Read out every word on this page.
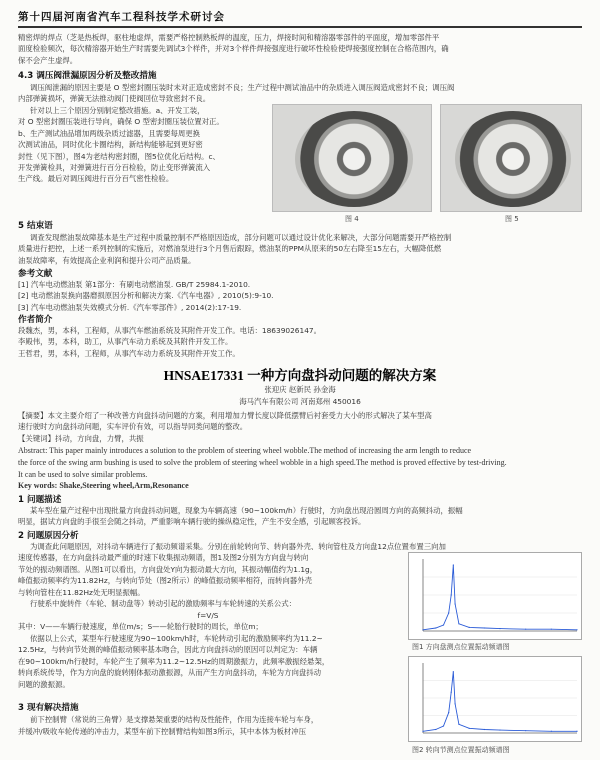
第十四届河南省汽车工程科技学术研讨会
精密焊的焊点（芝是热板焊，驱柱地虚焊，需要严格控制熟板焊的温度，压力，焊接时间和精溶器零部件的平面度，增加零部件平
面度检验频次，每次精溶器开始生产时需要先调试3个样件，并对3个样件焊接强度进行破坏性检验使焊接强度控制在合格范围内，确
保不会产生虚焊。
4.3 调压阀泄漏原因分析及整改措施
调压阀泄漏的原因主要是 O 型密封圈压装时未对正造成密封不良；生产过程中测试油品中的杂质进入调压阀造成密封不良；调压阀
内部弹簧损坏，弹簧无法推动阀门使阀回位导致密封不良。
针对以上三个原因分别制定整改措施。a、开发工装，
对 O 型密封圈压装进行导向，确保 O 型密封圈压装位置对正。
b、生产测试油品增加两级杂质过滤器，且需要每周更换
次测试油品，同时优化卡圈结构，新结构能够起到更好密
封性（见下图），图4为老结构密封圈，图5位优化后结构。c、
开发弹簧检具，对弹簧进行百分百检验，防止变形弹簧流入
生产线。最后对调压阀进行百分百气密性检验。
图 4	图 5
5 结束语
调查发现燃油泵故障基本是生产过程中质量控制不严格原因造成，部分问题可以通过设计优化来解决，大部分问题需要开严格控制
质量进行把控，上述一系列控制的实施后，对燃油泵进行3个月售后跟踪，燃油泵的PPM从原来的50左右降至15左右，大幅降低燃
油泵故障率，有效提高企业利润和提升公司产品质量。
参考文献
[1] 汽车电动燃油泵 第1部分：有刷电动燃油泵. GB/T 25984.1-2010.
[2] 电动燃油泵换向器磨损原因分析和解决方案.《汽车电器》, 2010(5):9-10.
[3] 汽车电动燃油泵失效模式分析.《汽车零部件》, 2014(2):17-19.
作者简介
段魏杰，男，本科，工程师，从事汽车燃油系统及其附件开发工作。电话：18639026147。
李殿伟，男，本科，助工，从事汽车动力系统及其附件开发工作。
王哲君，男，本科，工程师，从事汽车动力系统及其附件开发工作。
HNSAE17331 一种方向盘抖动问题的解决方案
张迎庆 赵新民 孙金海
海马汽车有限公司 河南郑州 450016
【摘要】本文主要介绍了一种改善方向盘抖动问题的方案，利用增加力臂长度以降低摆臂后衬套受力大小的形式解决了某车型高
速行驶时方向盘抖动问题，实车评价有效，可以指导同类问题的整改。
【关键词】抖动，方向盘，力臂，共振
Abstract: This paper mainly introduces a solution to the problem of steering wheel wobble.The method of increasing the arm length to reduce
the force of the swing arm bushing is used to solve the problem of steering wheel wobble in a high speed.The method is proved effective by test-driving.
It can be used to solve similar problems.
Key words: Shake,Steering wheel,Arm,Resonance
1 问题描述
某车型在量产过程中出现批量方向盘抖动问题，现象为车辆高速（90~100km/h）行驶时，方向盘出现沿圆周方向的高频抖动，振幅
明显，据试方向盘的手很至会随之抖动，严重影响车辆行驶的操纵稳定性，产生不安全感，引起顾客投诉。
2 问题原因分析
为调查此问题原因，对抖动车辆进行了振动频谱采集。分别在前轮转向节、转向器外壳、转向管柱及方向盘12点位置布置三向加
速度传感器，在方向盘抖动最严重的时速下收集振动频谱，图1及图2分别为方向盘与转向
节处的振动频谱图。从图1可以看出，方向盘处Y向为振动最大方向，其振动幅值约为1.1g，
峰值振动频率约为11.82Hz，与转向节处（图2所示）的峰值振动频率相符，而转向器外壳
与转向管柱在11.82Hz处无明显振幅。
行驶系中旋转件（车轮、制动盘等）转动引起的激励频率与车轮转速的关系公式：
f=V/S
其中：V——车辆行驶速度，单位m/s；S——轮胎行驶时的周长，单位m；
依据以上公式，某型车行驶速度为90~100km/h时，车轮转动引起的激励频率约为11.2~
12.5Hz，与转向节处测的峰值振动频率基本吻合，因此方向盘抖动的原因可以判定为：车辆
在90~100km/h行驶时，车轮产生了频率为11.2~12.5Hz的周期激振力，此频率激振经悬架，
转向系统传导，作为方向盘的旋转刚体振动激振源，从而产生方向盘抖动，车轮为方向盘抖动
问题的激振源。
3 现有解决措施
前下控制臂（常说的三角臂）是支撑悬架重要的结构及性能件，作用为连接车轮与车身，
并缓冲/吸收车轮传递的冲击力，某型车前下控制臂结构如图3所示，其中本体为板材冲压
图1 方向盘测点位置振动频谱图
图2 转向节测点位置振动频谱图
